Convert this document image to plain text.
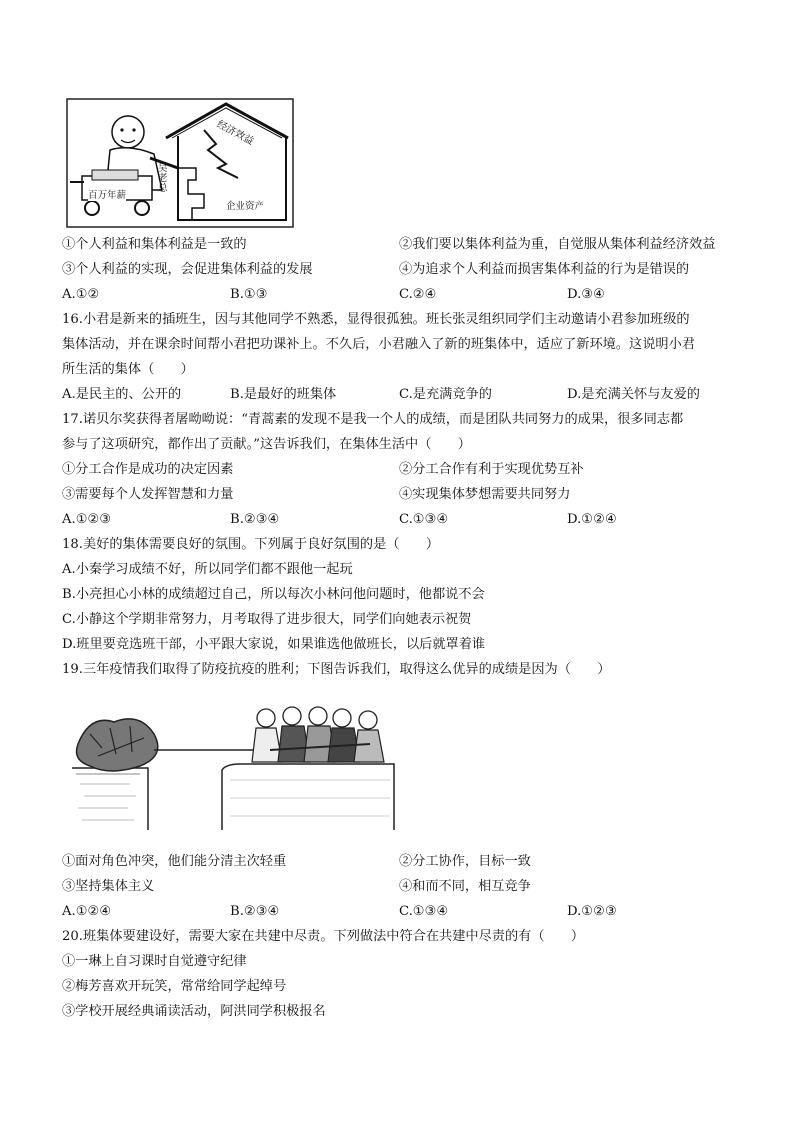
经济效益
企业资产
吴老总
百万年薪
①个人利益和集体利益是一致的	②我们要以集体利益为重，自觉服从集体利益经济效益
③个人利益的实现，会促进集体利益的发展	④为追求个人利益而损害集体利益的行为是错误的
A.①②	B.①③	C.②④	D.③④
16.小君是新来的插班生，因与其他同学不熟悉，显得很孤独。班长张灵组织同学们主动邀请小君参加班级的
集体活动，并在课余时间帮小君把功课补上。不久后，小君融入了新的班集体中，适应了新环境。这说明小君
所生活的集体（　　）
A.是民主的、公开的	B.是最好的班集体	C.是充满竞争的	D.是充满关怀与友爱的
17.诺贝尔奖获得者屠呦呦说：“青蒿素的发现不是我一个人的成绩，而是团队共同努力的成果，很多同志都
参与了这项研究，都作出了贡献。”这告诉我们，在集体生活中（　　）
①分工合作是成功的决定因素	②分工合作有利于实现优势互补
③需要每个人发挥智慧和力量	④实现集体梦想需要共同努力
A.①②③	B.②③④	C.①③④	D.①②④
18.美好的集体需要良好的氛围。下列属于良好氛围的是（　　）
A.小秦学习成绩不好，所以同学们都不跟他一起玩
B.小亮担心小林的成绩超过自己，所以每次小林问他问题时，他都说不会
C.小静这个学期非常努力，月考取得了进步很大，同学们向她表示祝贺
D.班里要竞选班干部，小平跟大家说，如果谁选他做班长，以后就罩着谁
19.三年疫情我们取得了防疫抗疫的胜利；下图告诉我们，取得这么优异的成绩是因为（　　）
①面对角色冲突，他们能分清主次轻重	②分工协作，目标一致
③坚持集体主义	④和而不同，相互竞争
A.①②④	B.②③④	C.①③④	D.①②③
20.班集体要建设好，需要大家在共建中尽责。下列做法中符合在共建中尽责的有（　　）
①一琳上自习课时自觉遵守纪律
②梅芳喜欢开玩笑，常常给同学起绰号
③学校开展经典诵读活动，阿洪同学积极报名
